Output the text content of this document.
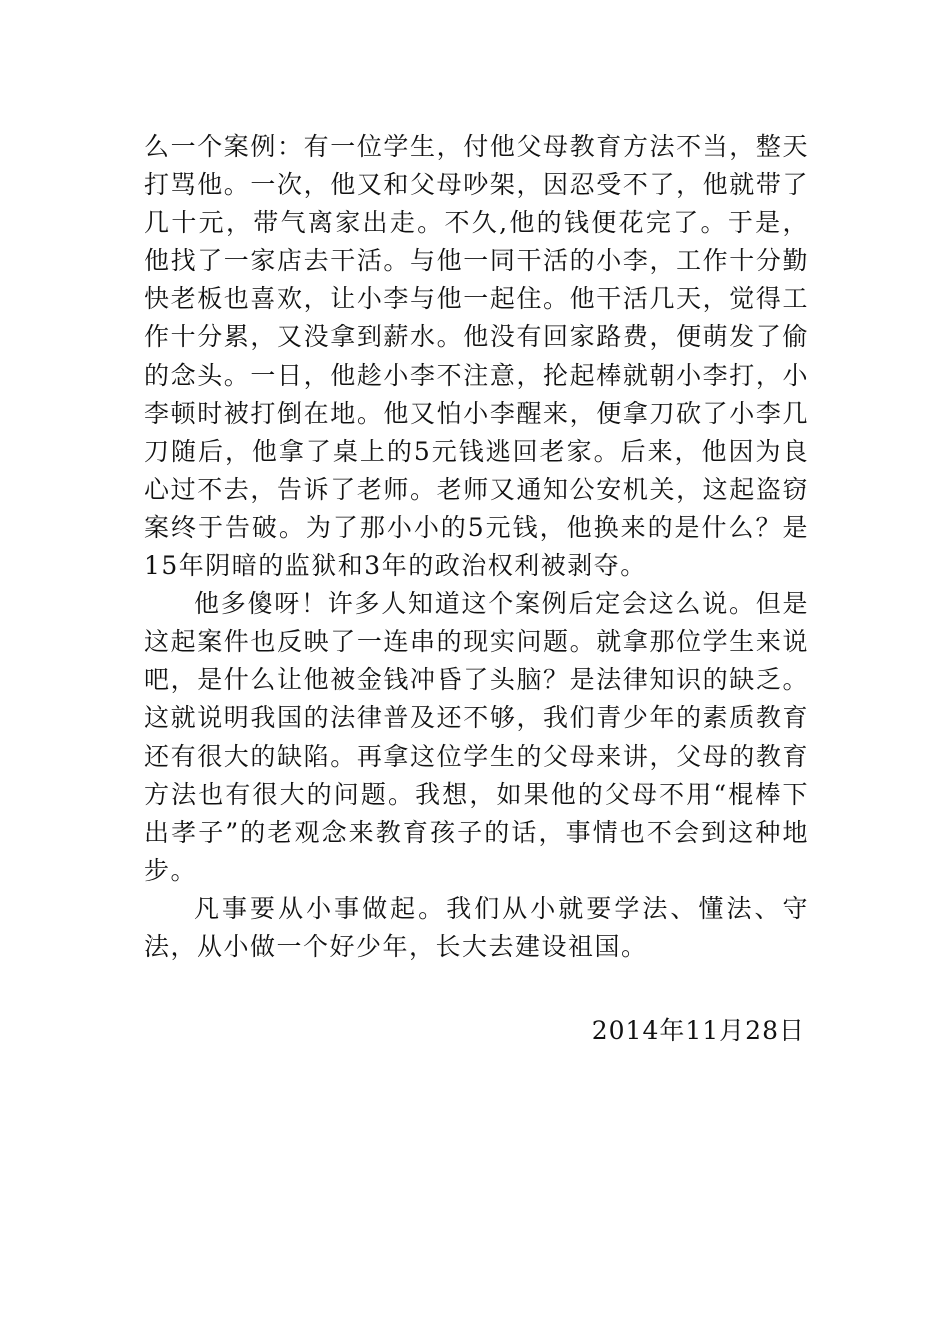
么一个案例：有一位学生，付他父母教育方法不当，整天打骂他。一次，他又和父母吵架，因忍受不了，他就带了几十元，带气离家出走。不久,他的钱便花完了。于是，他找了一家店去干活。与他一同干活的小李，工作十分勤快老板也喜欢，让小李与他一起住。他干活几天，觉得工作十分累，又没拿到薪水。他没有回家路费，便萌发了偷的念头。一日，他趁小李不注意，抡起棒就朝小李打，小李顿时被打倒在地。他又怕小李醒来，便拿刀砍了小李几刀随后，他拿了桌上的5元钱逃回老家。后来，他因为良心过不去，告诉了老师。老师又通知公安机关，这起盗窃案终于告破。为了那小小的5元钱，他换来的是什么？是15年阴暗的监狱和3年的政治权利被剥夺。

他多傻呀！许多人知道这个案例后定会这么说。但是这起案件也反映了一连串的现实问题。就拿那位学生来说吧，是什么让他被金钱冲昏了头脑？是法律知识的缺乏。这就说明我国的法律普及还不够，我们青少年的素质教育还有很大的缺陷。再拿这位学生的父母来讲，父母的教育方法也有很大的问题。我想，如果他的父母不用“棍棒下出孝子”的老观念来教育孩子的话，事情也不会到这种地步。

凡事要从小事做起。我们从小就要学法、懂法、守法，从小做一个好少年，长大去建设祖国。

2014年11月28日
